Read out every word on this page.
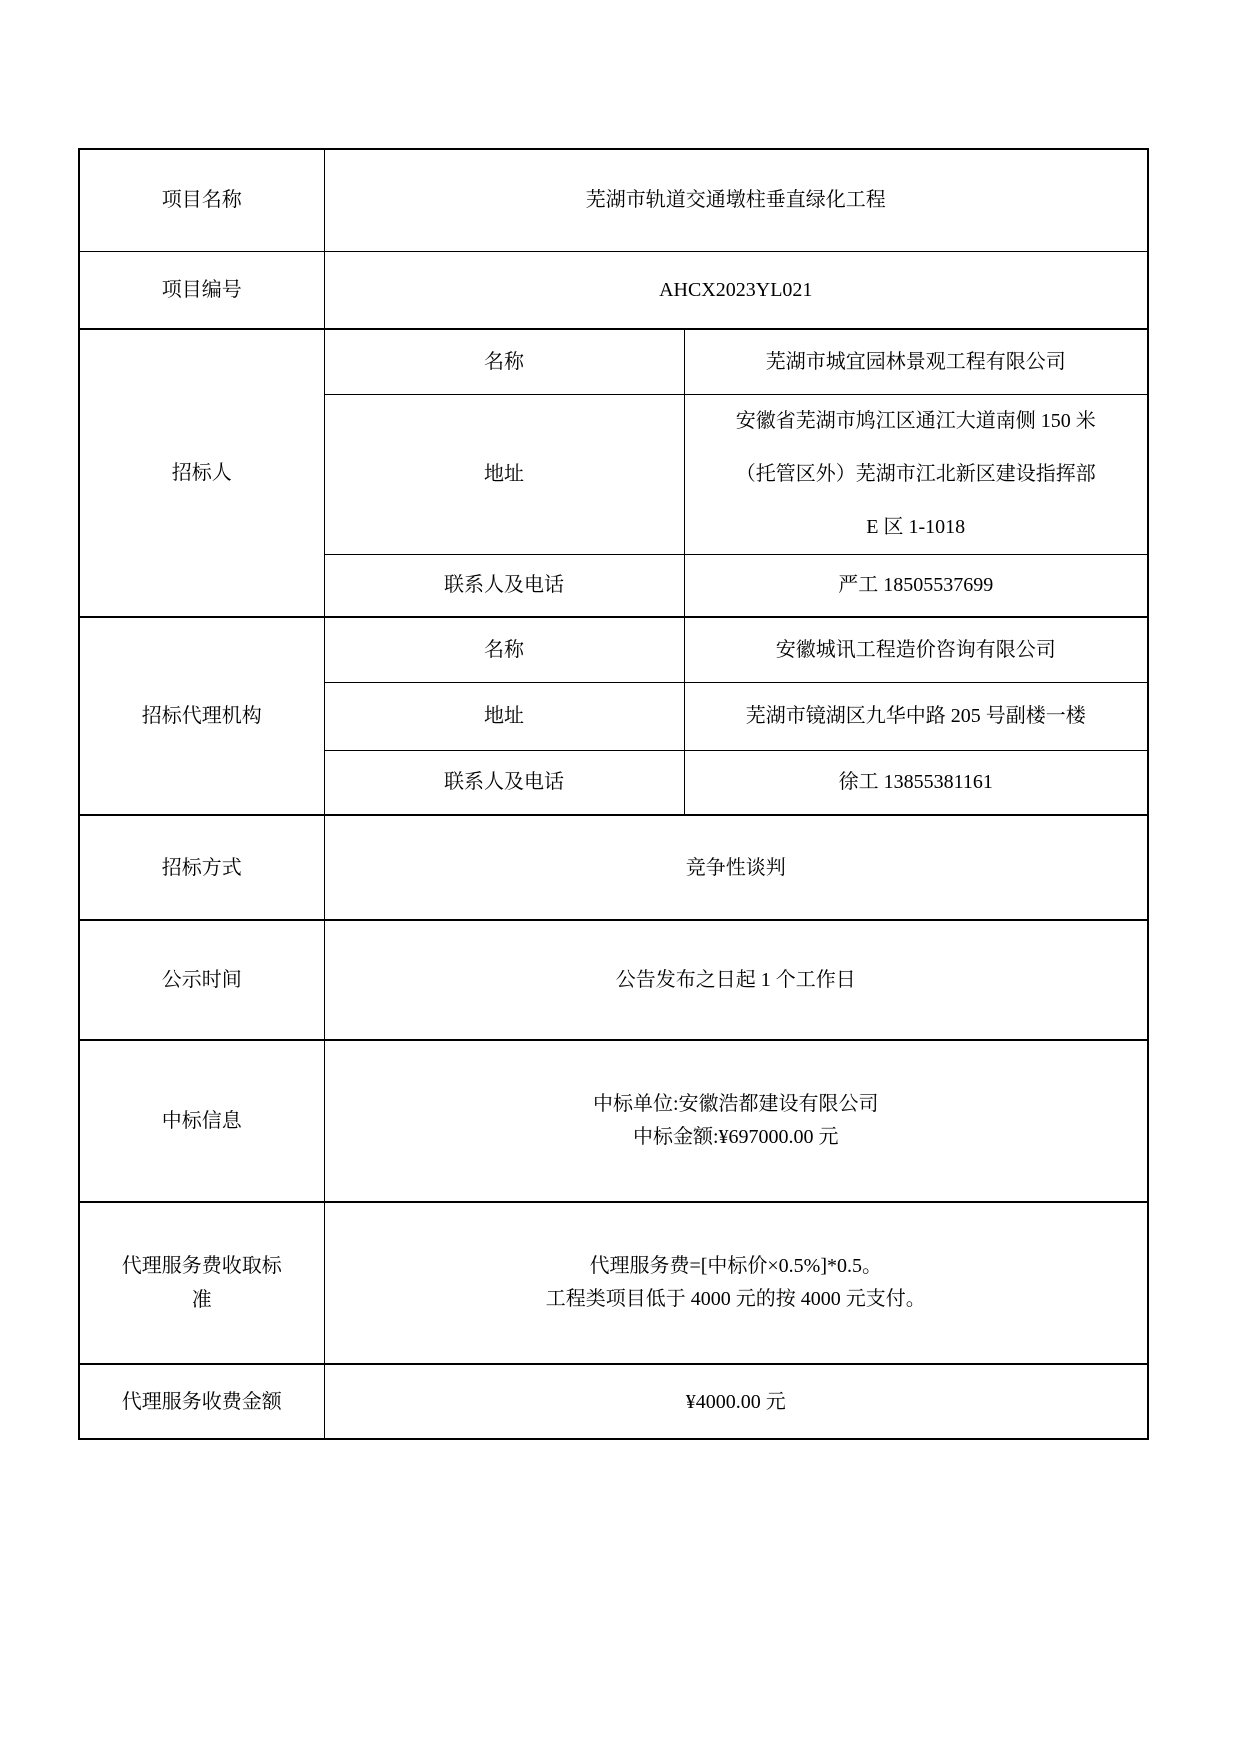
项目名称	芜湖市轨道交通墩柱垂直绿化工程	
项目编号	AHCX2023YL021	
招标人	名称	芜湖市城宜园林景观工程有限公司
	地址	安徽省芜湖市鸠江区通江大道南侧 150 米
（托管区外）芜湖市江北新区建设指挥部
E 区 1-1018

	联系人及电话	严工 18505537699
招标代理机构	名称	安徽城讯工程造价咨询有限公司
	地址	芜湖市镜湖区九华中路 205 号副楼一楼
	联系人及电话	徐工 13855381161
招标方式	竞争性谈判	
公示时间	公告发布之日起 1 个工作日	
中标信息	中标单位:安徽浩都建设有限公司
中标金额:¥697000.00 元	

代理服务费收取标准	代理服务费=[中标价×0.5%]*0.5。
工程类项目低于 4000 元的按 4000 元支付。	

代理服务收费金额	¥4000.00 元	
